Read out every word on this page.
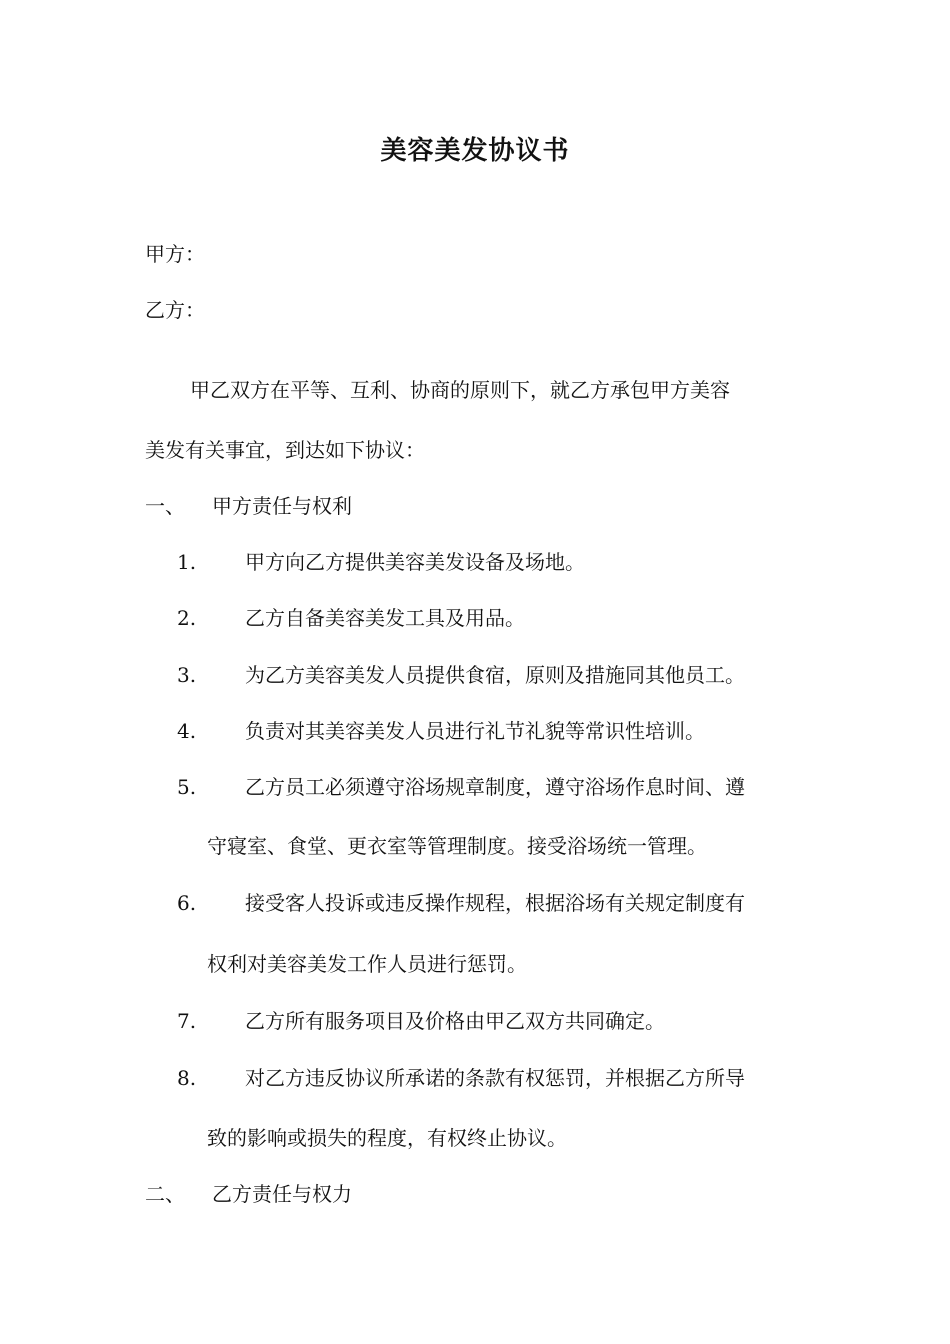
美容美发协议书

甲方：

乙方：

甲乙双方在平等、互利、协商的原则下，就乙方承包甲方美容

美发有关事宜，到达如下协议：

一、 甲方责任与权利

1. 甲方向乙方提供美容美发设备及场地。

2. 乙方自备美容美发工具及用品。

3. 为乙方美容美发人员提供食宿，原则及措施同其他员工。

4. 负责对其美容美发人员进行礼节礼貌等常识性培训。

5. 乙方员工必须遵守浴场规章制度，遵守浴场作息时间、遵

守寝室、食堂、更衣室等管理制度。接受浴场统一管理。

6. 接受客人投诉或违反操作规程，根据浴场有关规定制度有

权利对美容美发工作人员进行惩罚。

7. 乙方所有服务项目及价格由甲乙双方共同确定。

8. 对乙方违反协议所承诺的条款有权惩罚，并根据乙方所导

致的影响或损失的程度，有权终止协议。

二、 乙方责任与权力
